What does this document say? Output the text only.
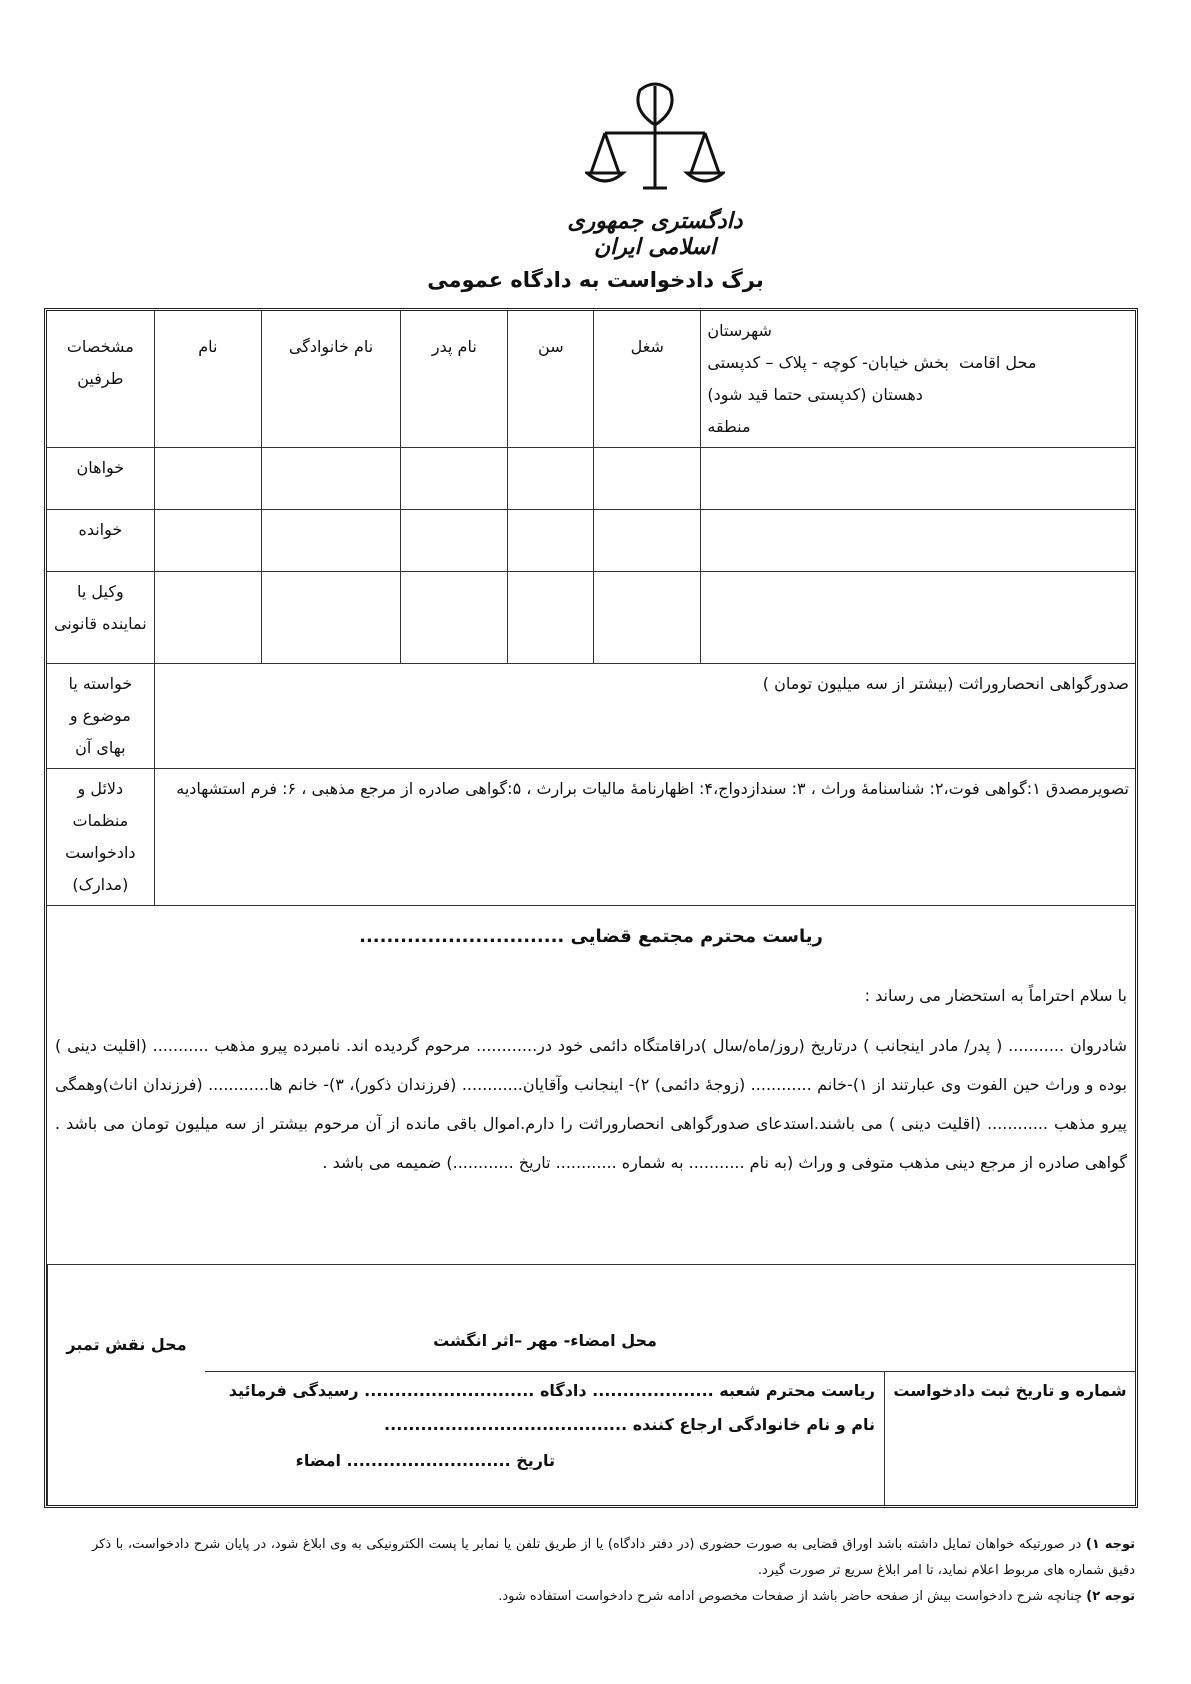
دادگستری جمهوری اسلامی ایران
برگ دادخواست به دادگاه عمومی
شهرستان
محل اقامت  بخش خیابان- کوچه - پلاک – کدپستی
دهستان (کدپستی حتما قید شود)
منطقه	شغل	سن	نام پدر	نام خانوادگی	نام	مشخصات طرفین
						خواهان
						خوانده
						وکیل یا نماینده قانونی
صدورگواهی انحصاروراثت (بیشتر از سه میلیون تومان )						خواسته یا موضوع و بهای آن
تصویرمصدق ۱:گواهی فوت،۲: شناسنامهٔ وراث ، ۳: سندازدواج،۴: اظهارنامهٔ مالیات برارث ، ۵:گواهی صادره از مرجع مذهبی ، ۶: فرم استشهادیه						دلائل و منظمات دادخواست (مدارک)
ریاست محترم مجتمع قضایی ..............................
با سلام احتراماً به استحضار می رساند :
شادروان ........... ( پدر/ مادر اینجانب ) درتاریخ (روز/ماه/سال )دراقامتگاه دائمی خود در............ مرحوم گردیده اند. نامبرده پیرو مذهب ........... (اقلیت دینی ) بوده و وراث حین الفوت وی عبارتند از ۱)-خانم ............ (زوجهٔ دائمی) ۲)- اینجانب وآقایان............ (فرزندان ذکور)، ۳)- خانم ها............ (فرزندان اناث)وهمگی پیرو مذهب ............ (اقلیت دینی ) می باشند.استدعای صدورگواهی انحصاروراثت را دارم.اموال باقی مانده از آن مرحوم بیشتر از سه میلیون تومان می باشد . گواهی صادره از مرجع دینی مذهب متوفی و وراث (به نام ........... به شماره ............ تاریخ ............) ضمیمه می باشد .
محل نقش تمبر	محل امضاء- مهر –اثر انگشت
شماره و تاریخ ثبت دادخواست
ریاست محترم شعبه .................... دادگاه ............................ رسیدگی فرمائید
نام و نام خانوادگی ارجاع کننده ........................................
تاریخ ........................... امضاء
توجه ۱) در صورتیکه خواهان تمایل داشته باشد اوراق قضایی به صورت حضوری (در دفتر دادگاه) یا از طریق تلفن یا نمابر یا پست الکترونیکی به وی ابلاغ شود، در پایان شرح دادخواست، با ذکر دقیق شماره های مربوط اعلام نماید، تا امر ابلاغ سریع تر صورت گیرد.
توجه ۲) چنانچه شرح دادخواست بیش از صفحه حاضر باشد از صفحات مخصوص ادامه شرح دادخواست استفاده شود.
